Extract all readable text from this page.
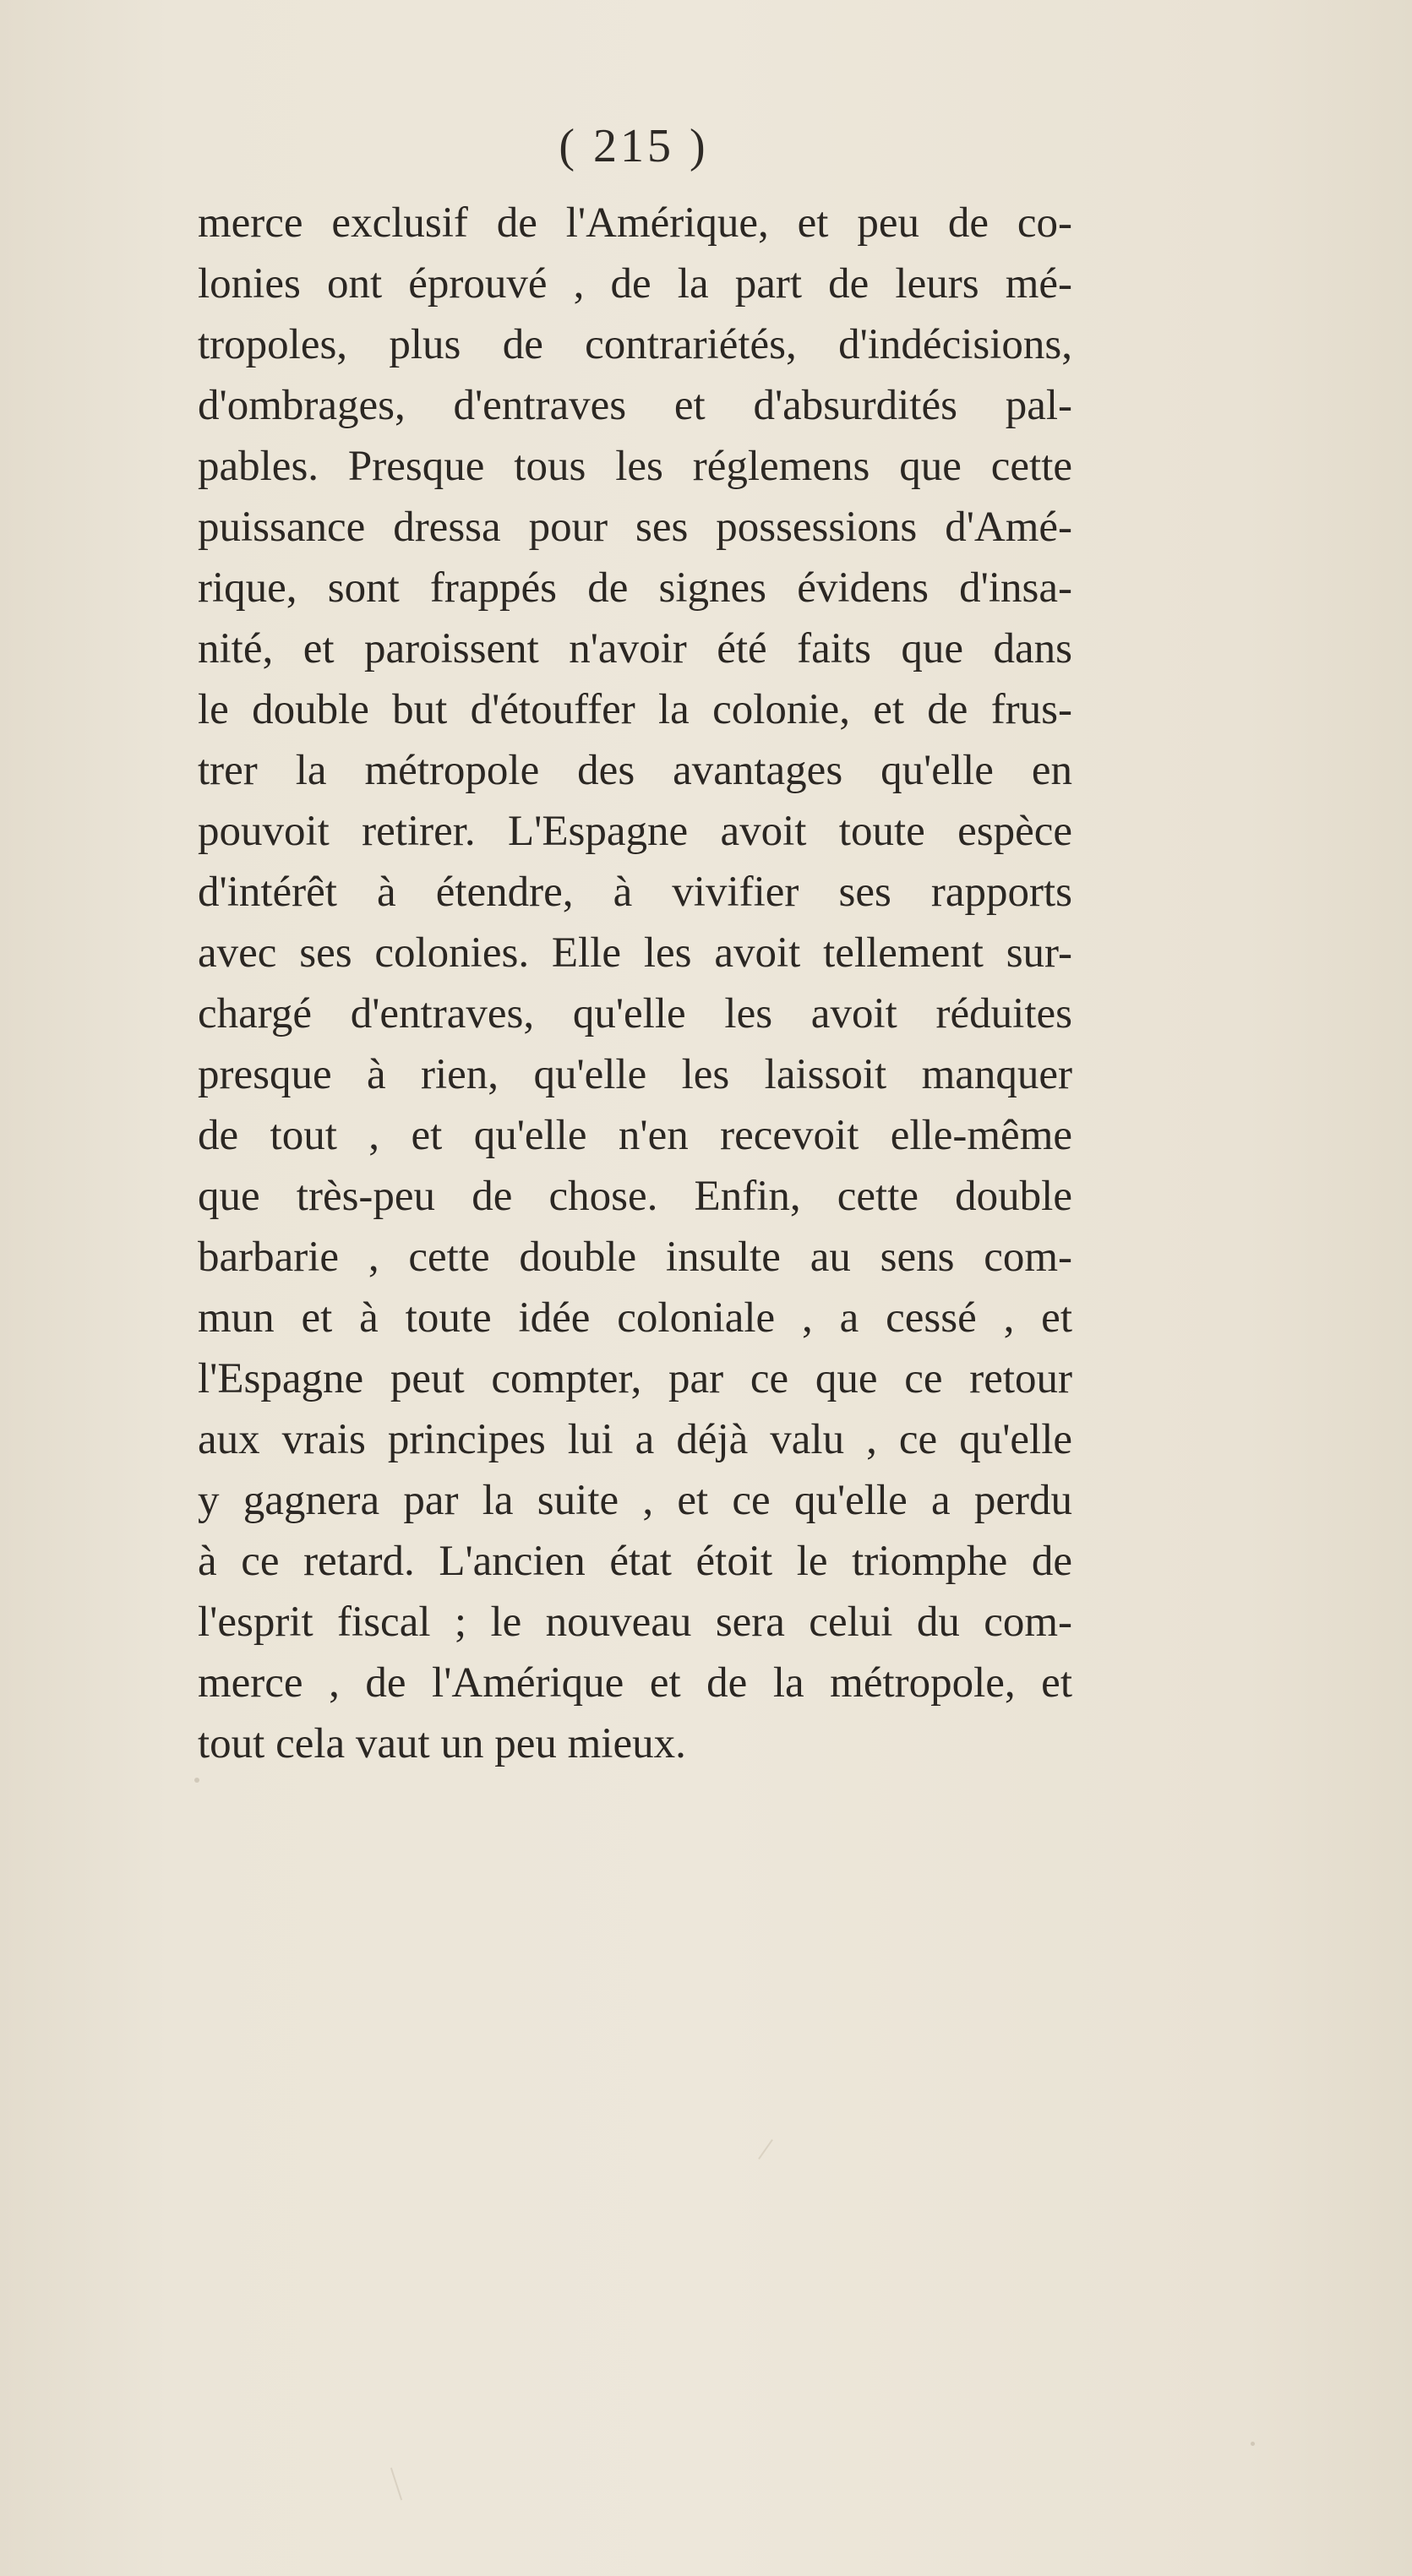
( 215 )
merce exclusif de l'Amérique, et peu de co-
lonies ont éprouvé , de la part de leurs mé-
tropoles, plus de contrariétés, d'indécisions,
d'ombrages, d'entraves et d'absurdités pal-
pables. Presque tous les réglemens que cette
puissance dressa pour ses possessions d'Amé-
rique, sont frappés de signes évidens d'insa-
nité, et paroissent n'avoir été faits que dans
le double but d'étouffer la colonie, et de frus-
trer la métropole des avantages qu'elle en
pouvoit retirer. L'Espagne avoit toute espèce
d'intérêt à étendre, à vivifier ses rapports
avec ses colonies. Elle les avoit tellement sur-
chargé d'entraves, qu'elle les avoit réduites
presque à rien, qu'elle les laissoit manquer
de tout , et qu'elle n'en recevoit elle-même
que très-peu de chose. Enfin, cette double
barbarie , cette double insulte au sens com-
mun et à toute idée coloniale , a cessé , et
l'Espagne peut compter, par ce que ce retour
aux vrais principes lui a déjà valu , ce qu'elle
y gagnera par la suite , et ce qu'elle a perdu
à ce retard. L'ancien état étoit le triomphe de
l'esprit fiscal ; le nouveau sera celui du com-
merce , de l'Amérique et de la métropole, et
tout cela vaut un peu mieux.
